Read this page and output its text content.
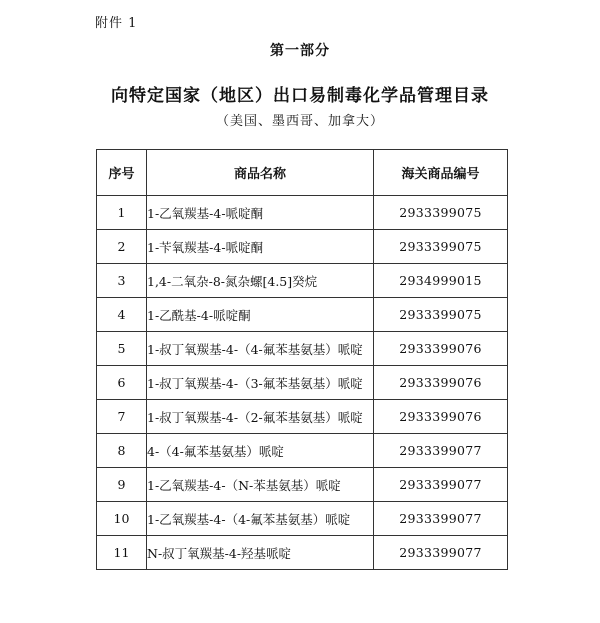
附件 1
第一部分
向特定国家（地区）出口易制毒化学品管理目录
（美国、墨西哥、加拿大）
序号	商品名称	海关商品编号
1	1-乙氧羰基-4-哌啶酮	2933399075
2	1-苄氧羰基-4-哌啶酮	2933399075
3	1,4-二氧杂-8-氮杂螺[4.5]癸烷	2934999015
4	1-乙酰基-4-哌啶酮	2933399075
5	1-叔丁氧羰基-4-（4-氟苯基氨基）哌啶	2933399076
6	1-叔丁氧羰基-4-（3-氟苯基氨基）哌啶	2933399076
7	1-叔丁氧羰基-4-（2-氟苯基氨基）哌啶	2933399076
8	4-（4-氟苯基氨基）哌啶	2933399077
9	1-乙氧羰基-4-（N-苯基氨基）哌啶	2933399077
10	1-乙氧羰基-4-（4-氟苯基氨基）哌啶	2933399077
11	N-叔丁氧羰基-4-羟基哌啶	2933399077
